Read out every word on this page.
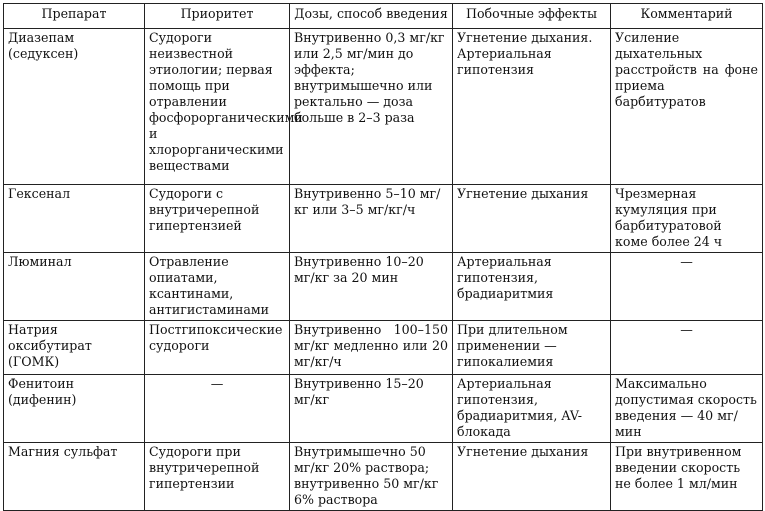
Препарат	Приоритет	Дозы, способ введения	Побочные эффекты	Комментарий
Диазепам (седуксен)	Судороги неизвестной этиологии; первая помощь при отравлении фосфорорганическими и хлорорганическими веществами	Внутривенно 0,3 мг/кг или 2,5 мг/мин до эффекта; внутримышечно или ректально — доза больше в 2–3 раза	Угнетение дыхания. Артериальная гипотензия	Усиление дыхательных расстройств на фоне приема барбитуратов
Гексенал	Судороги с внутричерепной гипертензией	Внутривенно 5–10 мг/кг или 3–5 мг/кг/ч	Угнетение дыхания	Чрезмерная кумуляция при барбитуратовой коме более 24 ч
Люминал	Отравление опиатами, ксантинами, антигистаминами	Внутривенно 10–20 мг/кг за 20 мин	Артериальная гипотензия, брадиаритмия	—
Натрия оксибутират (ГОМК)	Постгипоксические судороги	Внутривенно 100–150 мг/кг медленно или 20 мг/кг/ч	При длительном применении — гипокалиемия	—
Фенитоин (дифенин)	—	Внутривенно 15–20 мг/кг	Артериальная гипотензия, брадиаритмия, AV-блокада	Максимально допустимая скорость введения — 40 мг/мин
Магния сульфат	Судороги при внутричерепной гипертензии	Внутримышечно 50 мг/кг 20% раствора; внутривенно 50 мг/кг 6% раствора	Угнетение дыхания	При внутривенном введении скорость не более 1 мл/мин
